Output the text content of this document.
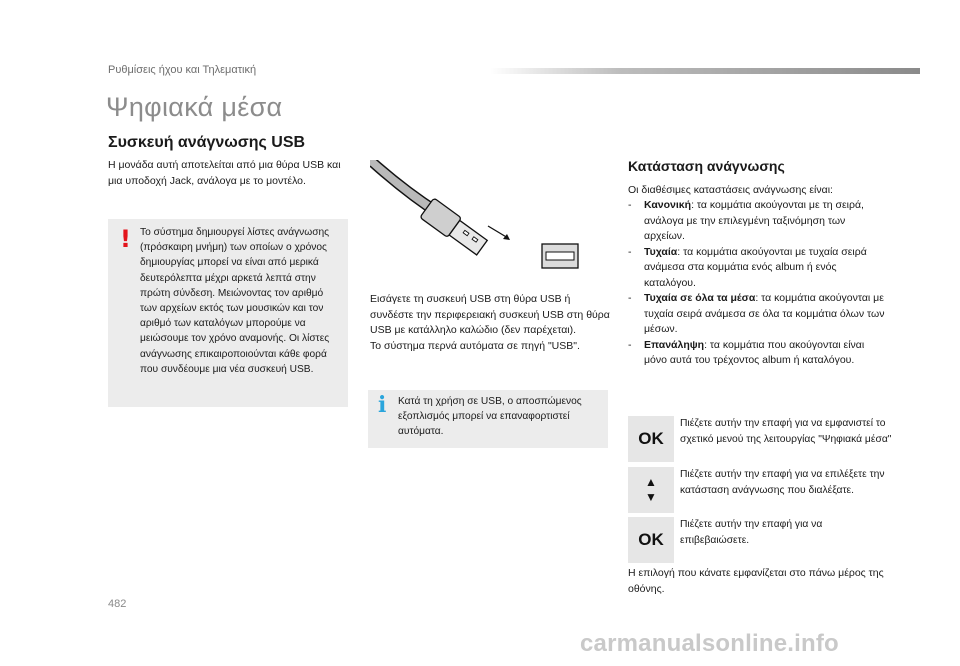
Ρυθμίσεις ήχου και Τηλεματική
Ψηφιακά μέσα
Συσκευή ανάγνωσης USB

Η μονάδα αυτή αποτελείται από μια θύρα USB και μια υποδοχή Jack, ανάλογα με το μοντέλο.

! Το σύστημα δημιουργεί λίστες ανάγνωσης (πρόσκαιρη μνήμη) των οποίων ο χρόνος δημιουργίας μπορεί να είναι από μερικά δευτερόλεπτα μέχρι αρκετά λεπτά στην πρώτη σύνδεση. Μειώνοντας τον αριθμό των αρχείων εκτός των μουσικών και τον αριθμό των καταλόγων μπορούμε να μειώσουμε τον χρόνο αναμονής. Οι λίστες ανάγνωσης επικαιροποιούνται κάθε φορά που συνδέουμε μια νέα συσκευή USB.

Εισάγετε τη συσκευή USB στη θύρα USB ή συνδέστε την περιφερειακή συσκευή USB στη θύρα USB με κατάλληλο καλώδιο (δεν παρέχεται).
Το σύστημα περνά αυτόματα σε πηγή "USB".

i Κατά τη χρήση σε USB, ο αποσπώμενος εξοπλισμός μπορεί να επαναφορτιστεί αυτόματα.

Κατάσταση ανάγνωσης

Οι διαθέσιμες καταστάσεις ανάγνωσης είναι:

- Κανονική: τα κομμάτια ακούγονται με τη σειρά, ανάλογα με την επιλεγμένη ταξινόμηση των αρχείων.
- Τυχαία: τα κομμάτια ακούγονται με τυχαία σειρά ανάμεσα στα κομμάτια ενός album ή ενός καταλόγου.
- Τυχαία σε όλα τα μέσα: τα κομμάτια ακούγονται με τυχαία σειρά ανάμεσα σε όλα τα κομμάτια όλων των μέσων.
- Επανάληψη: τα κομμάτια που ακούγονται είναι μόνο αυτά του τρέχοντος album ή καταλόγου.
OK

Πιέζετε αυτήν την επαφή για να εμφανιστεί το σχετικό μενού της λειτουργίας "Ψηφιακά μέσα"

▲
▼

Πιέζετε αυτήν την επαφή για να επιλέξετε την κατάσταση ανάγνωσης που διαλέξατε.

OK

Πιέζετε αυτήν την επαφή για να επιβεβαιώσετε.

Η επιλογή που κάνατε εμφανίζεται στο πάνω μέρος της οθόνης.

482
carmanualsonline.info
